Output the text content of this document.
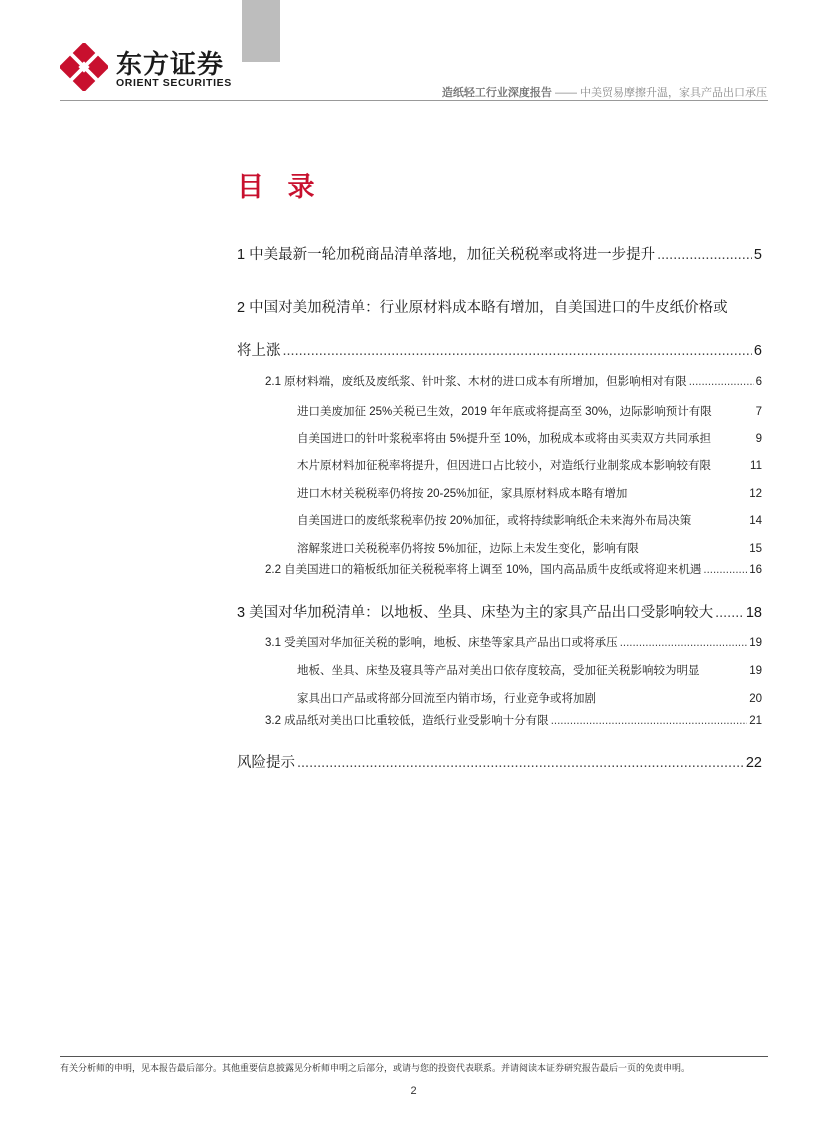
东方证券
ORIENT SECURITIES
造纸轻工行业深度报告 —— 中美贸易摩擦升温，家具产品出口承压
目 录
1 中美最新一轮加税商品清单落地，加征关税税率或将进一步提升 .....	5
2 中国对美加税清单：行业原材料成本略有增加，自美国进口的牛皮纸价格或
将上涨 .....	6
2.1 原材料端，废纸及废纸浆、针叶浆、木材的进口成本有所增加，但影响相对有限 .....	6
进口美废加征 25%关税已生效，2019 年年底或将提高至 30%，边际影响预计有限	7
自美国进口的针叶浆税率将由 5%提升至 10%，加税成本或将由买卖双方共同承担	9
木片原材料加征税率将提升，但因进口占比较小，对造纸行业制浆成本影响较有限	11
进口木材关税税率仍将按 20-25%加征，家具原材料成本略有增加	12
自美国进口的废纸浆税率仍按 20%加征，或将持续影响纸企未来海外布局决策	14
溶解浆进口关税税率仍将按 5%加征，边际上未发生变化，影响有限	15
2.2 自美国进口的箱板纸加征关税税率将上调至 10%，国内高品质牛皮纸或将迎来机遇 .....	16
3 美国对华加税清单：以地板、坐具、床垫为主的家具产品出口受影响较大 ..... 18
3.1 受美国对华加征关税的影响，地板、床垫等家具产品出口或将承压 .....	19
地板、坐具、床垫及寝具等产品对美出口依存度较高，受加征关税影响较为明显	19
家具出口产品或将部分回流至内销市场，行业竞争或将加剧	20
3.2 成品纸对美出口比重较低，造纸行业受影响十分有限 .....	21
风险提示 .....	22
有关分析师的申明，见本报告最后部分。其他重要信息披露见分析师申明之后部分，或请与您的投资代表联系。并请阅读本证券研究报告最后一页的免责申明。
2
